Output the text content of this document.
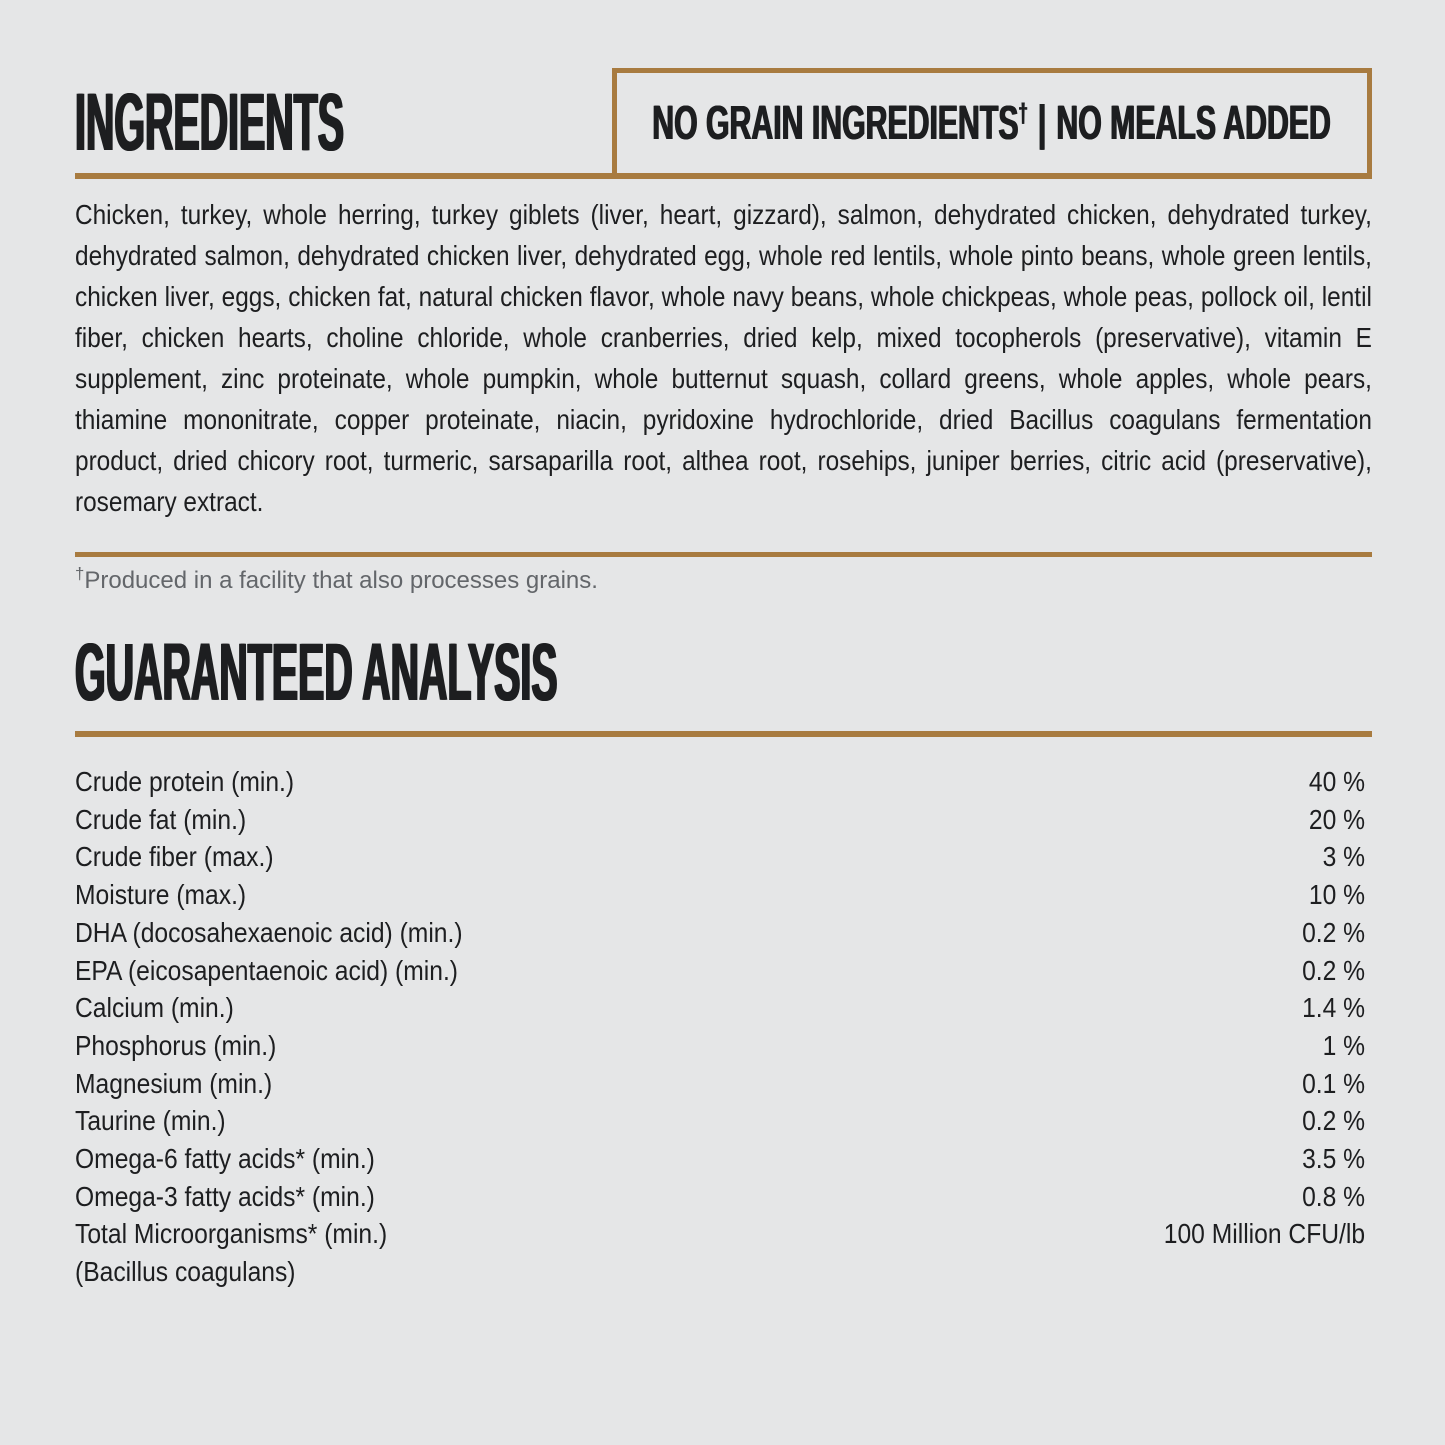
INGREDIENTS	NO GRAIN INGREDIENTS† | NO MEALS ADDED

Chicken, turkey, whole herring, turkey giblets (liver, heart, gizzard), salmon, dehydrated chicken, dehydrated turkey, dehydrated salmon, dehydrated chicken liver, dehydrated egg, whole red lentils, whole pinto beans, whole green lentils, chicken liver, eggs, chicken fat, natural chicken flavor, whole navy beans, whole chickpeas, whole peas, pollock oil, lentil fiber, chicken hearts, choline chloride, whole cranberries, dried kelp, mixed tocopherols (preservative), vitamin E supplement, zinc proteinate, whole pumpkin, whole butternut squash, collard greens, whole apples, whole pears, thiamine mononitrate, copper proteinate, niacin, pyridoxine hydrochloride, dried Bacillus coagulans fermentation product, dried chicory root, turmeric, sarsaparilla root, althea root, rosehips, juniper berries, citric acid (preservative), rosemary extract.

†Produced in a facility that also processes grains.

GUARANTEED ANALYSIS
Crude protein (min.)	40 %
Crude fat (min.)	20 %
Crude fiber (max.)	3 %
Moisture (max.)	10 %
DHA (docosahexaenoic acid) (min.)	0.2 %
EPA (eicosapentaenoic acid) (min.)	0.2 %
Calcium (min.)	1.4 %
Phosphorus (min.)	1 %
Magnesium (min.)	0.1 %
Taurine (min.)	0.2 %
Omega-6 fatty acids* (min.)	3.5 %
Omega-3 fatty acids* (min.)	0.8 %
Total Microorganisms* (min.)	100 Million CFU/lb
(Bacillus coagulans)
